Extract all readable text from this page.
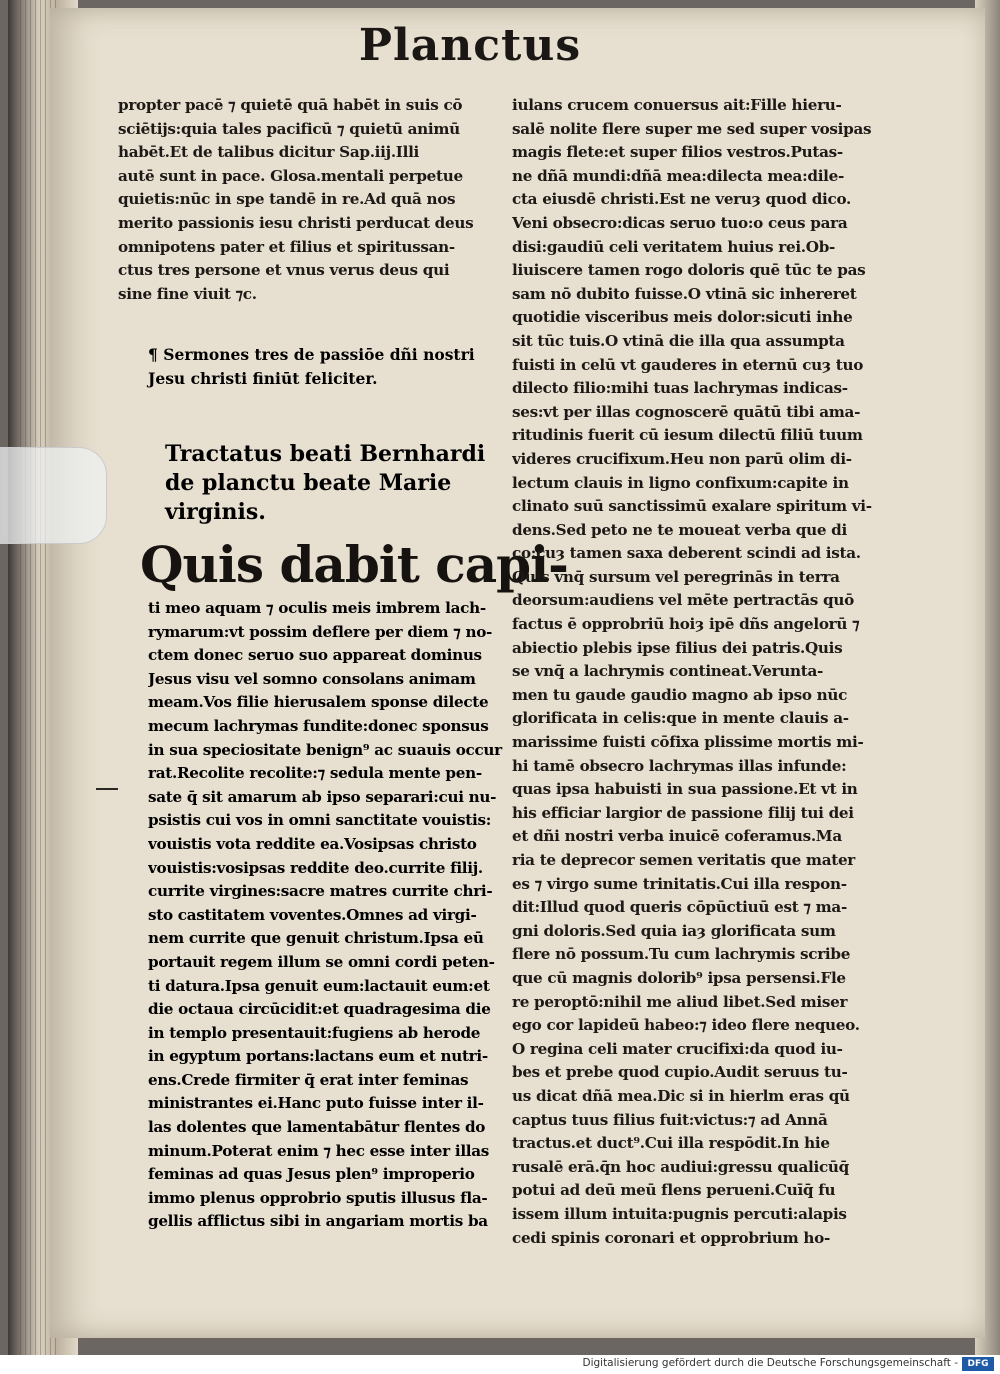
Planctus
propter pacē ⁊ quietē quā habēt in suis cō
sciētijs:quia tales pacificū ⁊ quietū animū
habēt.Et de talibus dicitur Sap.iij.Illi
autē sunt in pace. Glosa.mentali perpetue
quietis:nūc in spe tandē in re.Ad quā nos
merito passionis iesu christi perducat deus
omnipotens pater et filius et spiritussan-
ctus tres persone et vnus verus deus qui
sine fine viuit ⁊c.
¶ Sermones tres de passiōe dñi nostri
Jesu christi finiūt feliciter.
Tractatus beati Bernhardi
de planctu beate Marie
virginis.
Quis dabit capi-
ti meo aquam ⁊ oculis meis imbrem lach-
rymarum:vt possim deflere per diem ⁊ no-
ctem donec seruo suo appareat dominus
Jesus visu vel somno consolans animam
meam.Vos filie hierusalem sponse dilecte
mecum lachrymas fundite:donec sponsus
in sua speciositate benign⁹ ac suauis occur
rat.Recolite recolite:⁊ sedula mente pen-
sate q̄ sit amarum ab ipso separari:cui nu-
psistis cui vos in omni sanctitate vouistis:
vouistis vota reddite ea.Vosipsas christo
vouistis:vosipsas reddite deo.currite filij.
currite virgines:sacre matres currite chri-
sto castitatem voventes.Omnes ad virgi-
nem currite que genuit christum.Ipsa eū
portauit regem illum se omni cordi peten-
ti datura.Ipsa genuit eum:lactauit eum:et
die octaua circūcidit:et quadragesima die
in templo presentauit:fugiens ab herode
in egyptum portans:lactans eum et nutri-
ens.Crede firmiter q̄ erat inter feminas
ministrantes ei.Hanc puto fuisse inter il-
las dolentes que lamentabātur flentes do
minum.Poterat enim ⁊ hec esse inter illas
feminas ad quas Jesus plen⁹ improperio
immo plenus opprobrio sputis illusus fla-
gellis afflictus sibi in angariam mortis ba
iulans crucem conuersus ait:Fille hieru-
salē nolite flere super me sed super vosipas
magis flete:et super filios vestros.Putas-
ne dñā mundi:dñā mea:dilecta mea:dile-
cta eiusdē christi.Est ne veruȝ quod dico.
Veni obsecro:dicas seruo tuo:o ceus para
disi:gaudiū celi veritatem huius rei.Ob-
liuiscere tamen rogo doloris quē tūc te pas
sam nō dubito fuisse.O vtinā sic inhereret
quotidie visceribus meis dolor:sicuti inhe
sit tūc tuis.O vtinā die illa qua assumpta
fuisti in celū vt gauderes in eternū cuȝ tuo
dilecto filio:mihi tuas lachrymas indicas-
ses:vt per illas cognoscerē quātū tibi ama-
ritudinis fuerit cū iesum dilectū filiū tuum
videres crucifixum.Heu non parū olim di-
lectum clauis in ligno confixum:capite in
clinato suū sanctissimū exalare spiritum vi-
dens.Sed peto ne te moueat verba que di
co:cuȝ tamen saxa deberent scindi ad ista.
Quis vnq̄ sursum vel peregrinās in terra
deorsum:audiens vel mēte pertractās quō
factus ē opprobriū hoiȝ ipē dñs angelorū ⁊
abiectio plebis ipse filius dei patris.Quis
se vnq̄ a lachrymis contineat.Verunta-
men tu gaude gaudio magno ab ipso nūc
glorificata in celis:que in mente clauis a-
marissime fuisti cōfixa plissime mortis mi-
hi tamē obsecro lachrymas illas infunde:
quas ipsa habuisti in sua passione.Et vt in
his efficiar largior de passione filij tui dei
et dñi nostri verba inuicē coferamus.Ma
ria te deprecor semen veritatis que mater
es ⁊ virgo sume trinitatis.Cui illa respon-
dit:Illud quod queris cōpūctiuū est ⁊ ma-
gni doloris.Sed quia iaȝ glorificata sum
flere nō possum.Tu cum lachrymis scribe
que cū magnis dolorib⁹ ipsa persensi.Fle
re peroptō:nihil me aliud libet.Sed miser
ego cor lapideū habeo:⁊ ideo flere nequeo.
O regina celi mater crucifixi:da quod iu-
bes et prebe quod cupio.Audit seruus tu-
us dicat dñā mea.Dic si in hierlm eras qū
captus tuus filius fuit:victus:⁊ ad Annā
tractus.et duct⁹.Cui illa respōdit.In hie
rusalē erā.q̄n hoc audiui:gressu qualicūq̄
potui ad deū meū flens perueni.Cuīq̄ fu
issem illum intuita:pugnis percuti:alapis
cedi spinis coronari et opprobrium ho-
Digitalisierung gefördert durch die Deutsche Forschungsgemeinschaft -	DFG
